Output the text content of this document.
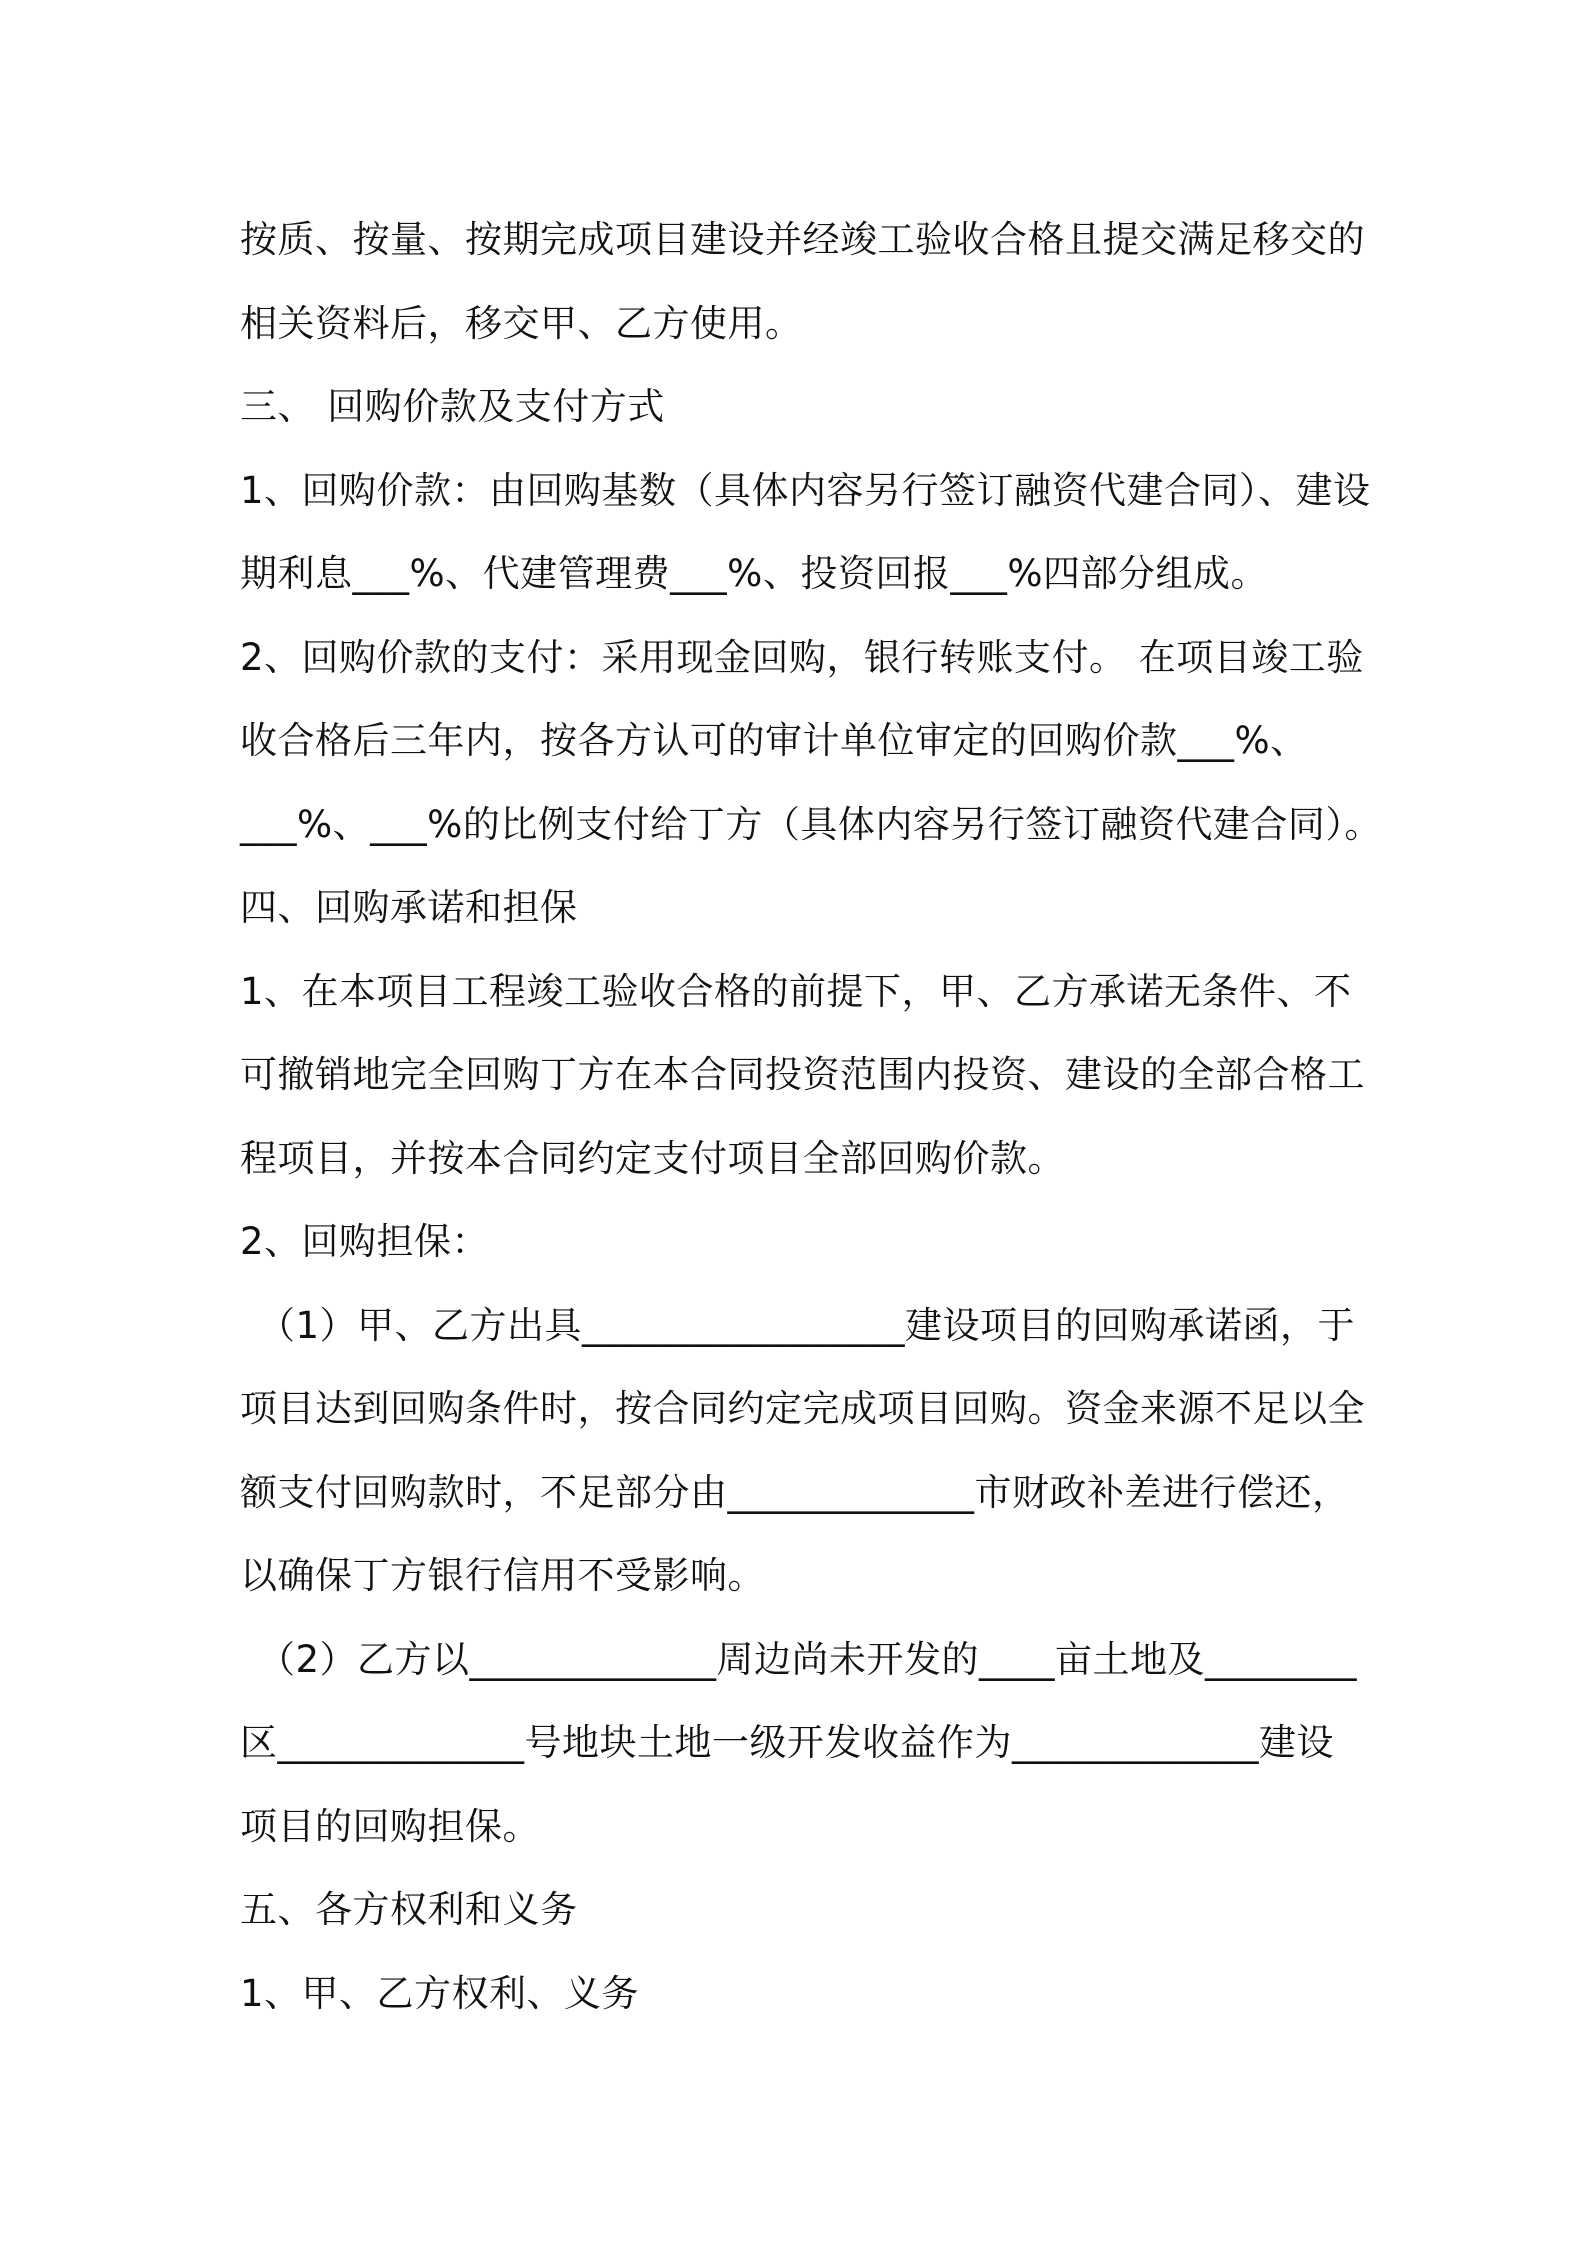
按质、按量、按期完成项目建设并经竣工验收合格且提交满足移交的
相关资料后，移交甲、乙方使用。
三、 回购价款及支付方式
1、回购价款：由回购基数（具体内容另行签订融资代建合同）、建设
期利息___%、代建管理费___%、投资回报___%四部分组成。
2、回购价款的支付：采用现金回购，银行转账支付。 在项目竣工验
收合格后三年内，按各方认可的审计单位审定的回购价款___%、
___%、___%的比例支付给丁方（具体内容另行签订融资代建合同）。
四、回购承诺和担保
1、在本项目工程竣工验收合格的前提下，甲、乙方承诺无条件、不
可撤销地完全回购丁方在本合同投资范围内投资、建设的全部合格工
程项目，并按本合同约定支付项目全部回购价款。
2、回购担保：
（1）甲、乙方出具_________________建设项目的回购承诺函，于
项目达到回购条件时，按合同约定完成项目回购。资金来源不足以全
额支付回购款时，不足部分由_____________市财政补差进行偿还，
以确保丁方银行信用不受影响。
（2）乙方以_____________周边尚未开发的____亩土地及________
区_____________号地块土地一级开发收益作为_____________建设
项目的回购担保。
五、各方权利和义务
1、甲、乙方权利、义务
